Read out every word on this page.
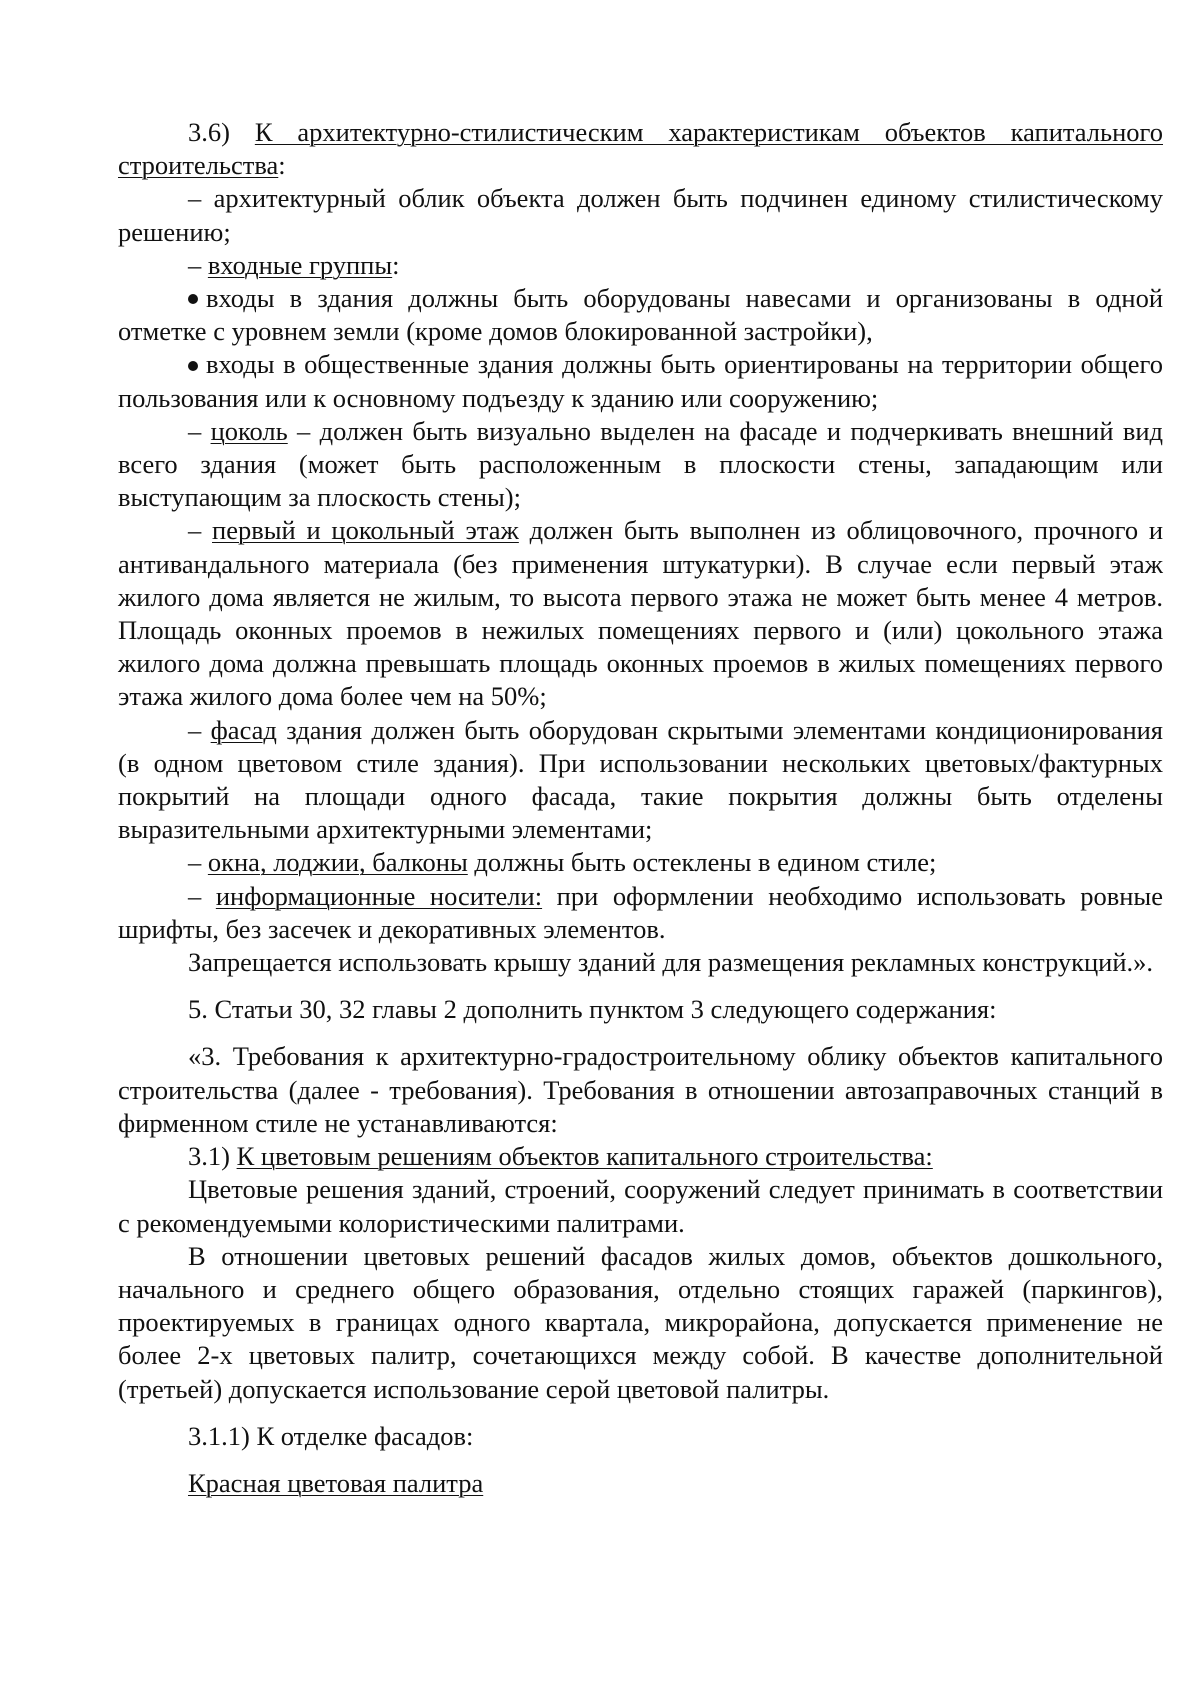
3.6) К архитектурно-стилистическим характеристикам объектов капитального строительства:

– архитектурный облик объекта должен быть подчинен единому стилистическому решению;

– входные группы:

входы в здания должны быть оборудованы навесами и организованы в одной отметке с уровнем земли (кроме домов блокированной застройки),

входы в общественные здания должны быть ориентированы на территории общего пользования или к основному подъезду к зданию или сооружению;

– цоколь – должен быть визуально выделен на фасаде и подчеркивать внешний вид всего здания (может быть расположенным в плоскости стены, западающим или выступающим за плоскость стены);

– первый и цокольный этаж должен быть выполнен из облицовочного, прочного и антивандального материала (без применения штукатурки). В случае если первый этаж жилого дома является не жилым, то высота первого этажа не может быть менее 4 метров. Площадь оконных проемов в нежилых помещениях первого и (или) цокольного этажа жилого дома должна превышать площадь оконных проемов в жилых помещениях первого этажа жилого дома более чем на 50%;

– фасад здания должен быть оборудован скрытыми элементами кондиционирования (в одном цветовом стиле здания). При использовании нескольких цветовых/фактурных покрытий на площади одного фасада, такие покрытия должны быть отделены выразительными архитектурными элементами;

– окна, лоджии, балконы должны быть остеклены в едином стиле;

– информационные носители: при оформлении необходимо использовать ровные шрифты, без засечек и декоративных элементов.

Запрещается использовать крышу зданий для размещения рекламных конструкций.».

5. Статьи 30, 32 главы 2 дополнить пунктом 3 следующего содержания:

«3. Требования к архитектурно-градостроительному облику объектов капитального строительства (далее - требования). Требования в отношении автозаправочных станций в фирменном стиле не устанавливаются:

3.1) К цветовым решениям объектов капитального строительства:

Цветовые решения зданий, строений, сооружений следует принимать в соответствии с рекомендуемыми колористическими палитрами.

В отношении цветовых решений фасадов жилых домов, объектов дошкольного, начального и среднего общего образования, отдельно стоящих гаражей (паркингов), проектируемых в границах одного квартала, микрорайона, допускается применение не более 2-х цветовых палитр, сочетающихся между собой. В качестве дополнительной (третьей) допускается использование серой цветовой палитры.

3.1.1) К отделке фасадов:

Красная цветовая палитра
